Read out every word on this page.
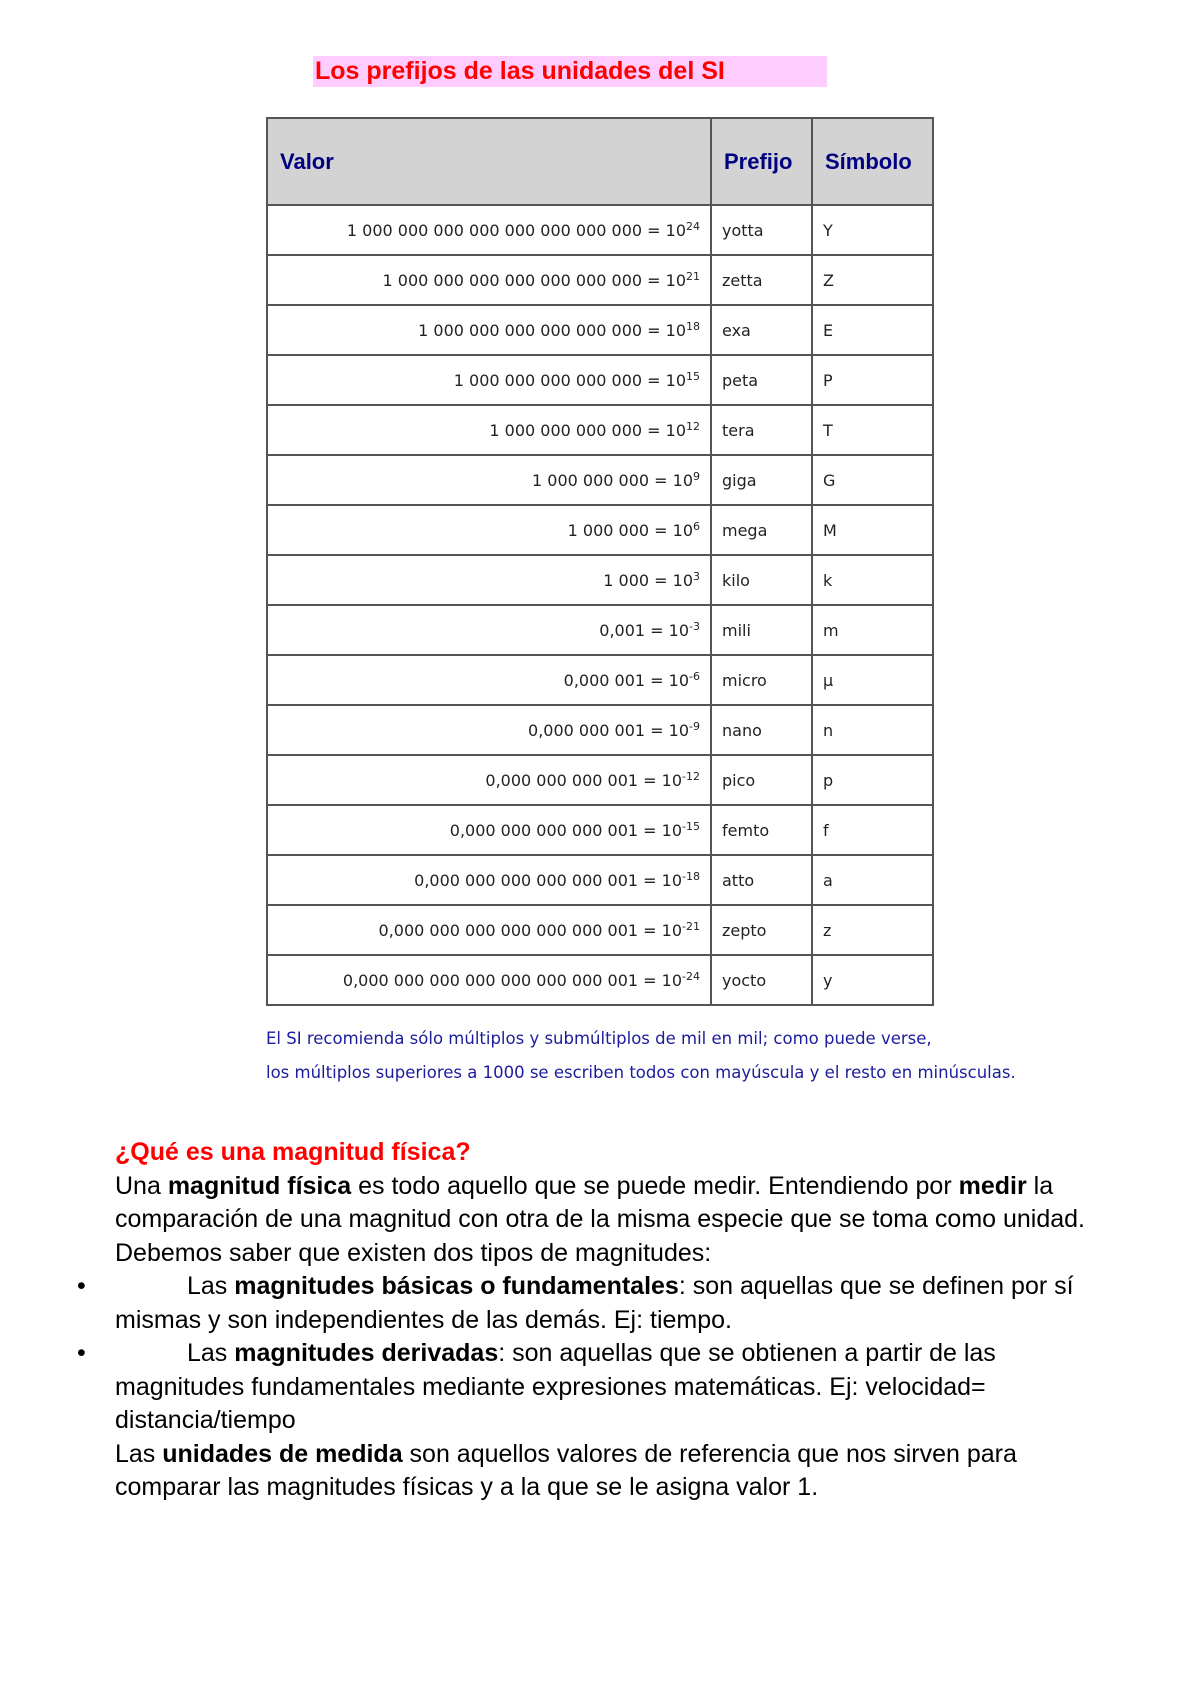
Los prefijos de las unidades del SI
Valor	Prefijo	Símbolo
1 000 000 000 000 000 000 000 $000 = 10^{24}$	yotta	Y
1 000 000 000 000 000 000 $000 = 10^{21}$	zetta	Z
1 000 000 000 000 000 $000 = 10^{18}$	exa	E
1 000 000 000 000 $000 = 10^{15}$	peta	P
1 000 000 000 $000 = 10^{12}$	tera	T
1 000 000 $000 = 10^9$	giga	G
1 000 $000 = 10^6$	mega	M
1 $000 = 10^3$	kilo	k
$0,001 = 10^{-3}$	mili	m
0,000 $001 = 10^{-6}$	micro	µ
0,000 000 $001 = 10^{-9}$	nano	n
0,000 000 000 $001 = 10^{-12}$	pico	p
0,000 000 000 000 $001 = 10^{-15}$	femto	f
0,000 000 000 000 000 $001 = 10^{-18}$	atto	a
0,000 000 000 000 000 000 $001 = 10^{-21}$	zepto	z
0,000 000 000 000 000 000 000 $001 = 10^{-24}$	yocto	y
El SI recomienda sólo múltiplos y submúltiplos de mil en mil; como puede verse,
los múltiplos superiores a 1000 se escriben todos con mayúscula y el resto en minúsculas.

¿Qué es una magnitud física?

Una magnitud física es todo aquello que se puede medir. Entendiendo por medir la comparación de una magnitud con otra de la misma especie que se toma como unidad.

Debemos saber que existen dos tipos de magnitudes:

•	Las magnitudes básicas o fundamentales: son aquellas que se definen por sí mismas y son independientes de las demás. Ej: tiempo.

•	Las magnitudes derivadas: son aquellas que se obtienen a partir de las magnitudes fundamentales mediante expresiones matemáticas. Ej: velocidad= distancia/tiempo

Las unidades de medida son aquellos valores de referencia que nos sirven para comparar las magnitudes físicas y a la que se le asigna valor 1.
